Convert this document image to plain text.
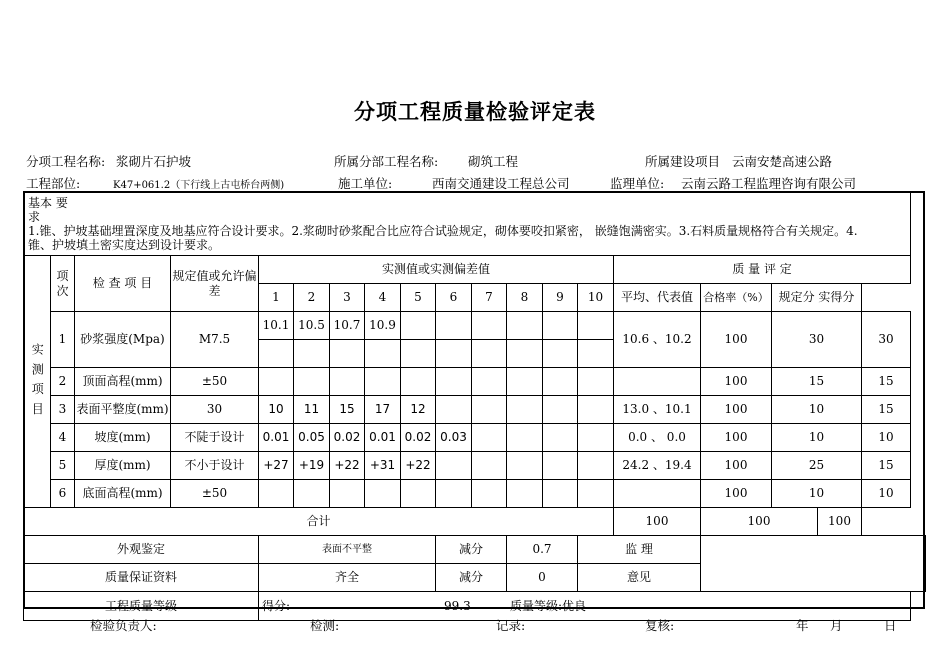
分项工程质量检验评定表
分项工程名称: 浆砌片石护坡	所属分部工程名称: 砌筑工程	所属建设项目 云南安楚高速公路
工程部位:	K47+061.2（下行线上古屯桥台两侧)	施工单位:	西南交通建设工程总公司	监理单位: 云南云路工程监理咨询有限公司
基本 要求1.锥、护坡基础埋置深度及地基应符合设计要求。2.浆砌时砂浆配合比应符合试验规定，砌体要咬扣紧密， 嵌缝饱满密实。3.石料质量规格符合有关规定。4.锥、护坡填土密实度达到设计要求。																		
实 测 项 目	项 次	检 查 项 目	规定值或允许偏差	实测值或实测偏差值										质 量 评 定				
				1	2	3	4	5	6	7	8	9	10	平均、代表值	合格率（%）	规定分 实得分		
	1	砂浆强度(Mpa)	M7.5	10.1	10.5	10.7	10.9							10.6 、10.2	100	30		30

	2	顶面高程(mm)	±50												100	15		15
	3	表面平整度(mm)	30	10	11	15	17	12						13.0 、10.1	100	10		15
	4	坡度(mm)	不陡于设计	0.01	0.05	0.02	0.01	0.02	0.03					0.0 、 0.0	100	10		10
	5	厚度(mm)	不小于设计	+27	+19	+22	+31	+22						24.2 、19.4	100	25		15
	6	底面高程(mm)	±50												100	10		10
合计														100	100		100	
外观鉴定				表面不平整					减分		0.7		监 理					
质量保证资料				齐全					减分		0		意见					
工程质量等级				得分: 99.3 质量等级:优良														
检验负责人:	检测:	记录:	复核:	年 月	日
